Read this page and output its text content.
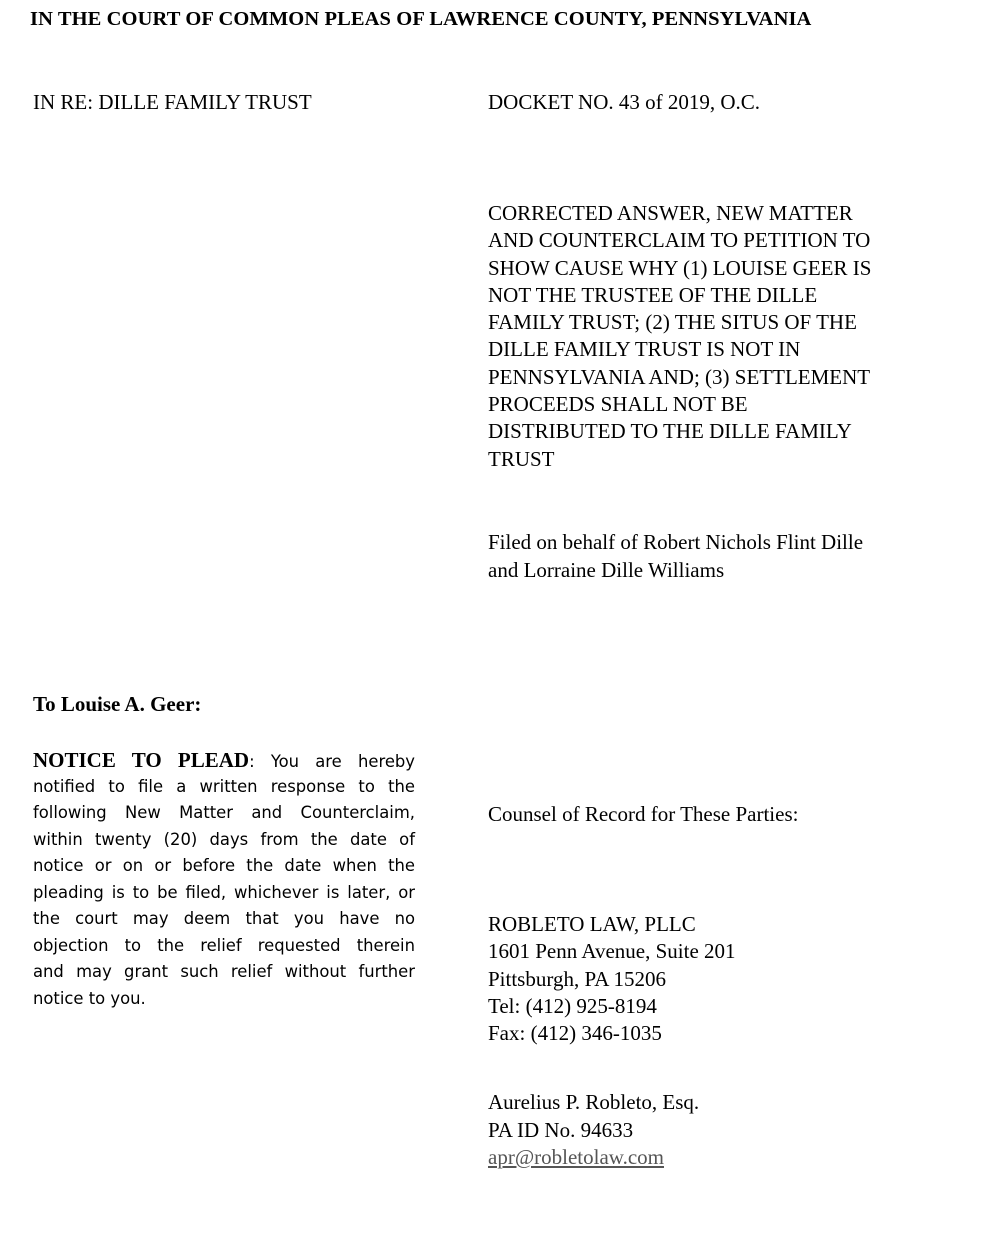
IN THE COURT OF COMMON PLEAS OF LAWRENCE COUNTY, PENNSYLVANIA
IN RE: DILLE FAMILY TRUST	DOCKET NO. 43 of 2019, O.C.
CORRECTED ANSWER, NEW MATTER
AND COUNTERCLAIM TO PETITION TO
SHOW CAUSE WHY (1) LOUISE GEER IS
NOT THE TRUSTEE OF THE DILLE
FAMILY TRUST; (2) THE SITUS OF THE
DILLE FAMILY TRUST IS NOT IN
PENNSYLVANIA AND; (3) SETTLEMENT
PROCEEDS SHALL NOT BE
DISTRIBUTED TO THE DILLE FAMILY
TRUST
Filed on behalf of Robert Nichols Flint Dille
and Lorraine Dille Williams
To Louise A. Geer:
NOTICE TO PLEAD: You are hereby
notified to file a written response to the
following New Matter and Counterclaim,
within twenty (20) days from the date of
notice or on or before the date when the
pleading is to be filed, whichever is later, or
the court may deem that you have no
objection to the relief requested therein
and may grant such relief without further
notice to you.
Counsel of Record for These Parties:
ROBLETO LAW, PLLC
1601 Penn Avenue, Suite 201
Pittsburgh, PA 15206
Tel: (412) 925-8194
Fax: (412) 346-1035
Aurelius P. Robleto, Esq.
PA ID No. 94633
apr@robletolaw.com
